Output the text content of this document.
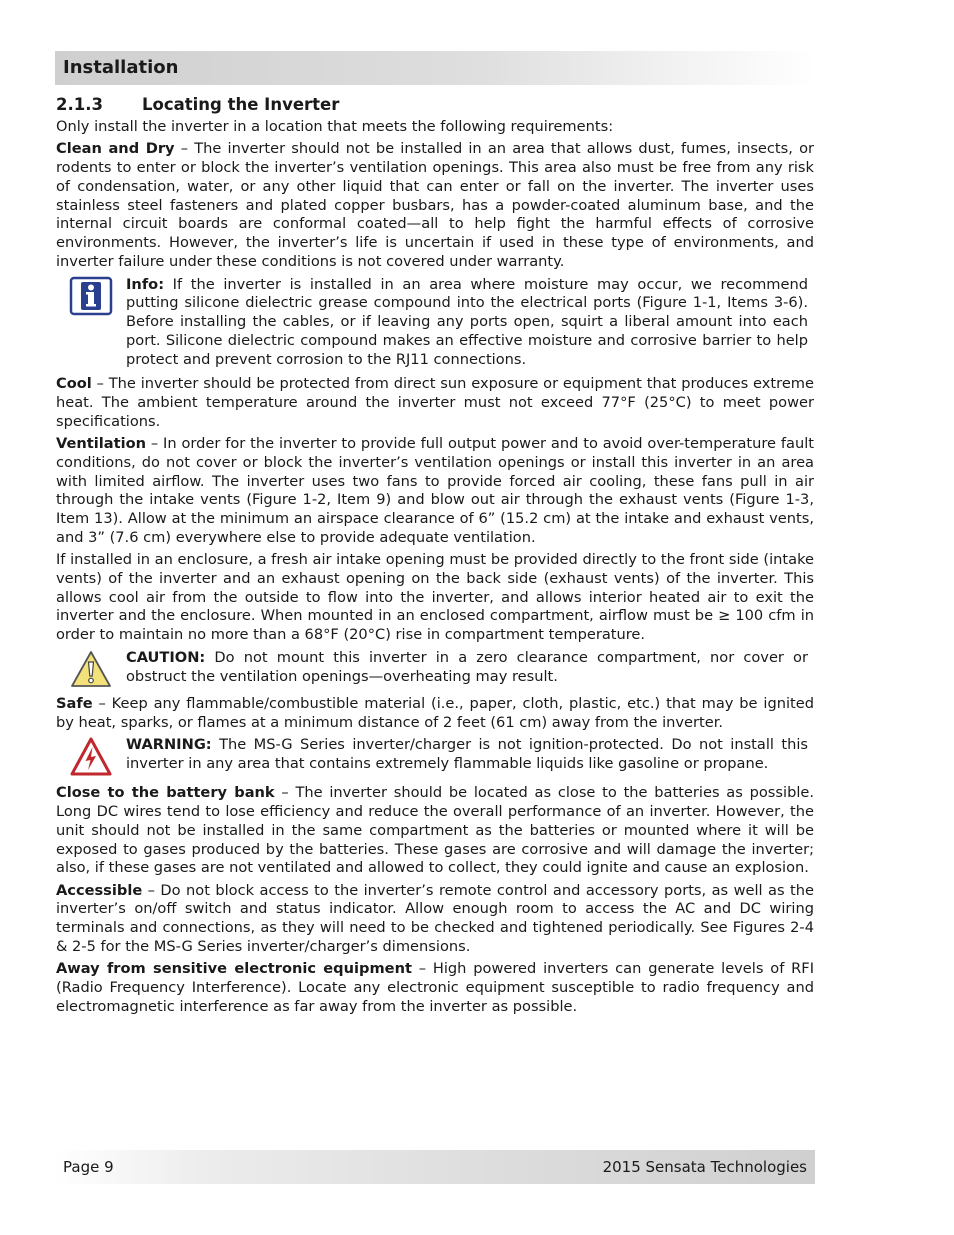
Installation
2.1.3 Locating the Inverter

Only install the inverter in a location that meets the following requirements:

Clean and Dry – The inverter should not be installed in an area that allows dust, fumes, insects, or rodents to enter or block the inverter’s ventilation openings. This area also must be free from any risk of condensation, water, or any other liquid that can enter or fall on the inverter. The inverter uses stainless steel fasteners and plated copper busbars, has a powder-coated aluminum base, and the internal circuit boards are conformal coated—all to help fight the harmful effects of corrosive environments. However, the inverter’s life is uncertain if used in these type of environments, and inverter failure under these conditions is not covered under warranty.

Info: If the inverter is installed in an area where moisture may occur, we recommend putting silicone dielectric grease compound into the electrical ports (Figure 1-1, Items 3-6). Before installing the cables, or if leaving any ports open, squirt a liberal amount into each port. Silicone dielectric compound makes an effective moisture and corrosive barrier to help protect and prevent corrosion to the RJ11 connections.

Cool – The inverter should be protected from direct sun exposure or equipment that produces extreme heat. The ambient temperature around the inverter must not exceed 77°F (25°C) to meet power specifications.

Ventilation – In order for the inverter to provide full output power and to avoid over-temperature fault conditions, do not cover or block the inverter’s ventilation openings or install this inverter in an area with limited airflow. The inverter uses two fans to provide forced air cooling, these fans pull in air through the intake vents (Figure 1-2, Item 9) and blow out air through the exhaust vents (Figure 1-3, Item 13). Allow at the minimum an airspace clearance of 6” (15.2 cm) at the intake and exhaust vents, and 3” (7.6 cm) everywhere else to provide adequate ventilation.

If installed in an enclosure, a fresh air intake opening must be provided directly to the front side (intake vents) of the inverter and an exhaust opening on the back side (exhaust vents) of the inverter. This allows cool air from the outside to flow into the inverter, and allows interior heated air to exit the inverter and the enclosure. When mounted in an enclosed compartment, airflow must be ≥ 100 cfm in order to maintain no more than a 68°F (20°C) rise in compartment temperature.

CAUTION: Do not mount this inverter in a zero clearance compartment, nor cover or obstruct the ventilation openings—overheating may result.

Safe – Keep any flammable/combustible material (i.e., paper, cloth, plastic, etc.) that may be ignited by heat, sparks, or flames at a minimum distance of 2 feet (61 cm) away from the inverter.

WARNING: The MS-G Series inverter/charger is not ignition-protected. Do not install this inverter in any area that contains extremely flammable liquids like gasoline or propane.

Close to the battery bank – The inverter should be located as close to the batteries as possible. Long DC wires tend to lose efficiency and reduce the overall performance of an inverter. However, the unit should not be installed in the same compartment as the batteries or mounted where it will be exposed to gases produced by the batteries. These gases are corrosive and will damage the inverter; also, if these gases are not ventilated and allowed to collect, they could ignite and cause an explosion.

Accessible – Do not block access to the inverter’s remote control and accessory ports, as well as the inverter’s on/off switch and status indicator. Allow enough room to access the AC and DC wiring terminals and connections, as they will need to be checked and tightened periodically. See Figures 2-4 & 2-5 for the MS-G Series inverter/charger’s dimensions.

Away from sensitive electronic equipment – High powered inverters can generate levels of RFI (Radio Frequency Interference). Locate any electronic equipment susceptible to radio frequency and electromagnetic interference as far away from the inverter as possible.

Page 9	2015 Sensata Technologies
